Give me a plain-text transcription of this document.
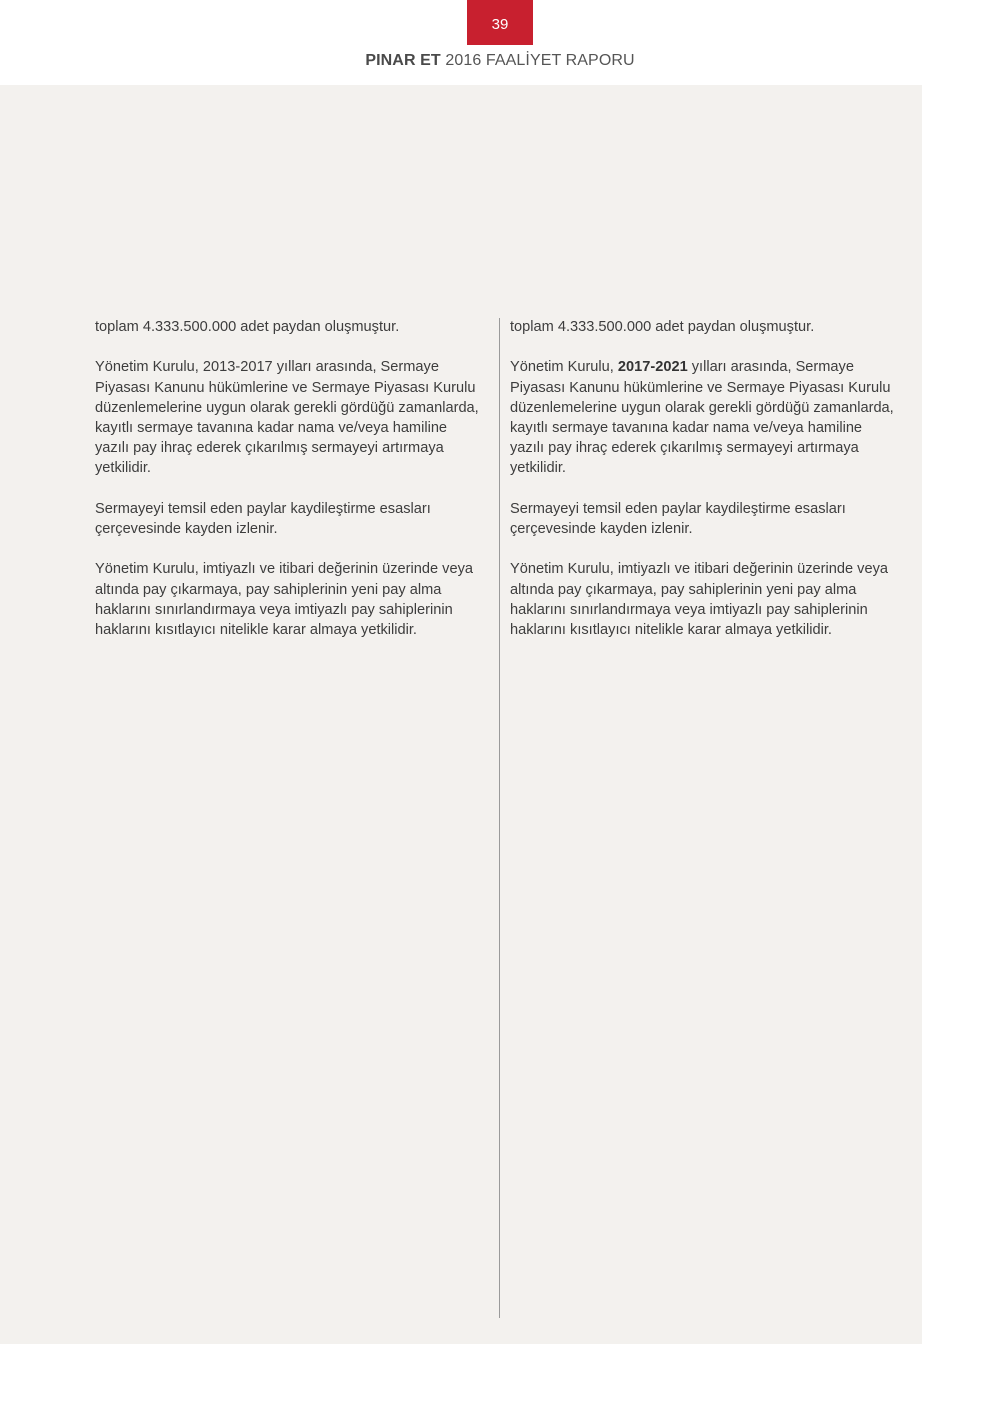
39
PINAR ET 2016 FAALİYET RAPORU

toplam 4.333.500.000 adet paydan oluşmuştur.

Yönetim Kurulu, 2013-2017 yılları arasında, Sermaye Piyasası Kanunu hükümlerine ve Sermaye Piyasası Kurulu düzenlemelerine uygun olarak gerekli gördüğü zamanlarda, kayıtlı sermaye tavanına kadar nama ve/veya hamiline yazılı pay ihraç ederek çıkarılmış sermayeyi artırmaya yetkilidir.

Sermayeyi temsil eden paylar kaydileştirme esasları çerçevesinde kayden izlenir.

Yönetim Kurulu, imtiyazlı ve itibari değerinin üzerinde veya altında pay çıkarmaya, pay sahiplerinin yeni pay alma haklarını sınırlandırmaya veya imtiyazlı pay sahiplerinin haklarını kısıtlayıcı nitelikle karar almaya yetkilidir.

toplam 4.333.500.000 adet paydan oluşmuştur.

Yönetim Kurulu, 2017-2021 yılları arasında, Sermaye Piyasası Kanunu hükümlerine ve Sermaye Piyasası Kurulu düzenlemelerine uygun olarak gerekli gördüğü zamanlarda, kayıtlı sermaye tavanına kadar nama ve/veya hamiline yazılı pay ihraç ederek çıkarılmış sermayeyi artırmaya yetkilidir.

Sermayeyi temsil eden paylar kaydileştirme esasları çerçevesinde kayden izlenir.

Yönetim Kurulu, imtiyazlı ve itibari değerinin üzerinde veya altında pay çıkarmaya, pay sahiplerinin yeni pay alma haklarını sınırlandırmaya veya imtiyazlı pay sahiplerinin haklarını kısıtlayıcı nitelikle karar almaya yetkilidir.
